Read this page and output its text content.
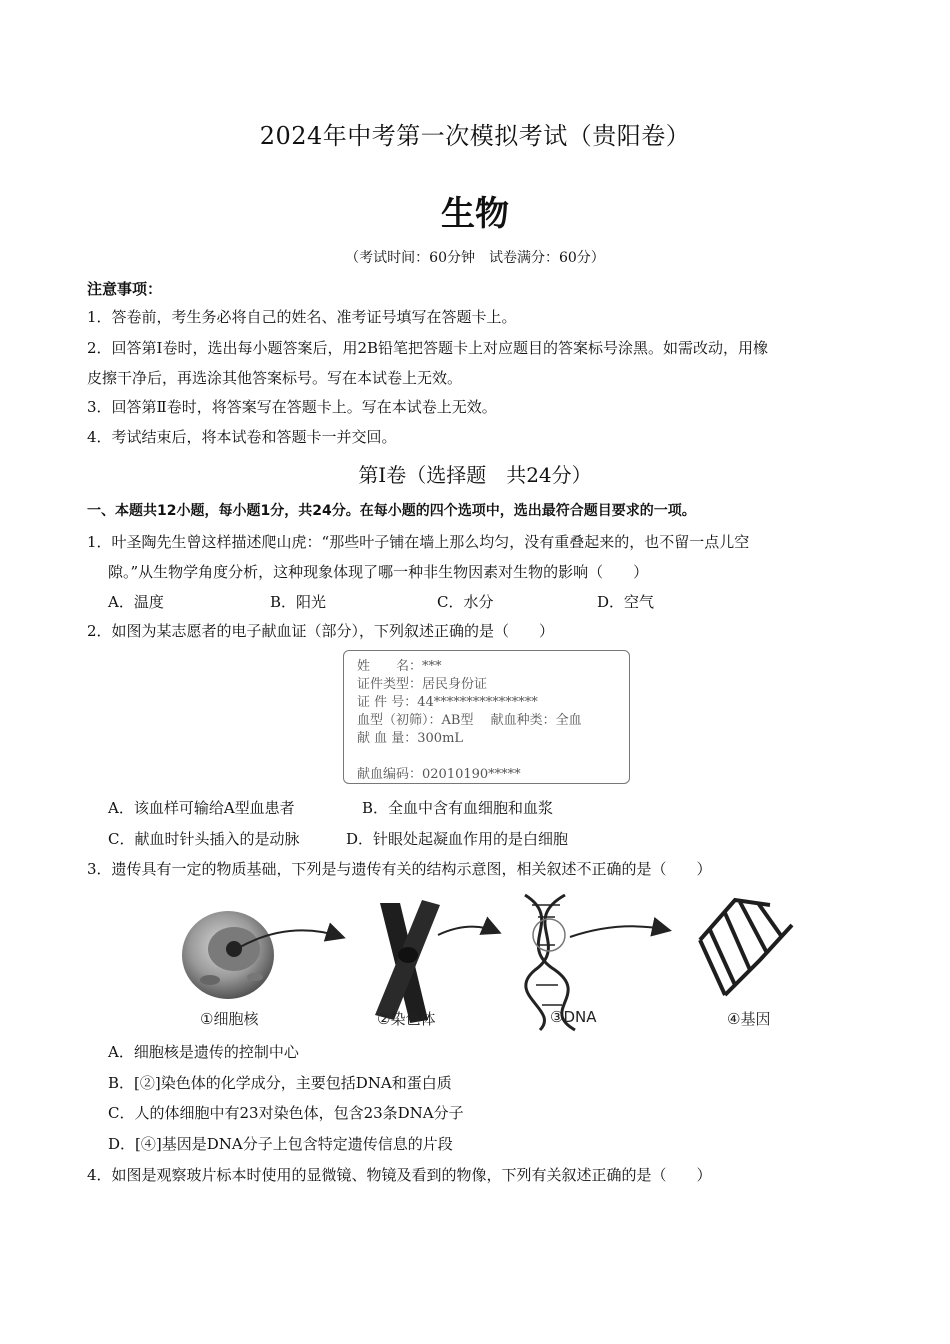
2024年中考第一次模拟考试（贵阳卷）
生物
（考试时间：60分钟　试卷满分：60分）
注意事项：
1．答卷前，考生务必将自己的姓名、准考证号填写在答题卡上。
2．回答第Ⅰ卷时，选出每小题答案后，用2B铅笔把答题卡上对应题目的答案标号涂黑。如需改动，用橡
皮擦干净后，再选涂其他答案标号。写在本试卷上无效。
3．回答第Ⅱ卷时，将答案写在答题卡上。写在本试卷上无效。
4．考试结束后，将本试卷和答题卡一并交回。
第Ⅰ卷（选择题　共24分）
一、本题共12小题，每小题1分，共24分。在每小题的四个选项中，选出最符合题目要求的一项。
1．叶圣陶先生曾这样描述爬山虎：“那些叶子铺在墙上那么均匀，没有重叠起来的，也不留一点儿空
隙。”从生物学角度分析，这种现象体现了哪一种非生物因素对生物的影响（　　）
A．温度	B．阳光	C．水分	D．空气
2．如图为某志愿者的电子献血证（部分），下列叙述正确的是（　　）
姓　　名：***
证件类型：居民身份证
证 件 号：44****************
血型（初筛）：AB型　 献血种类：全血
献 血 量：300mL
献血编码：02010190*****
A．该血样可输给A型血患者	B．全血中含有血细胞和血浆
C．献血时针头插入的是动脉	D．针眼处起凝血作用的是白细胞
3．遗传具有一定的物质基础，下列是与遗传有关的结构示意图，相关叙述不正确的是（　　）
①细胞核	②染色体	③DNA	④基因
A．细胞核是遗传的控制中心
B．[②]染色体的化学成分，主要包括DNA和蛋白质
C．人的体细胞中有23对染色体，包含23条DNA分子
D．[④]基因是DNA分子上包含特定遗传信息的片段
4．如图是观察玻片标本时使用的显微镜、物镜及看到的物像，下列有关叙述正确的是（　　）
